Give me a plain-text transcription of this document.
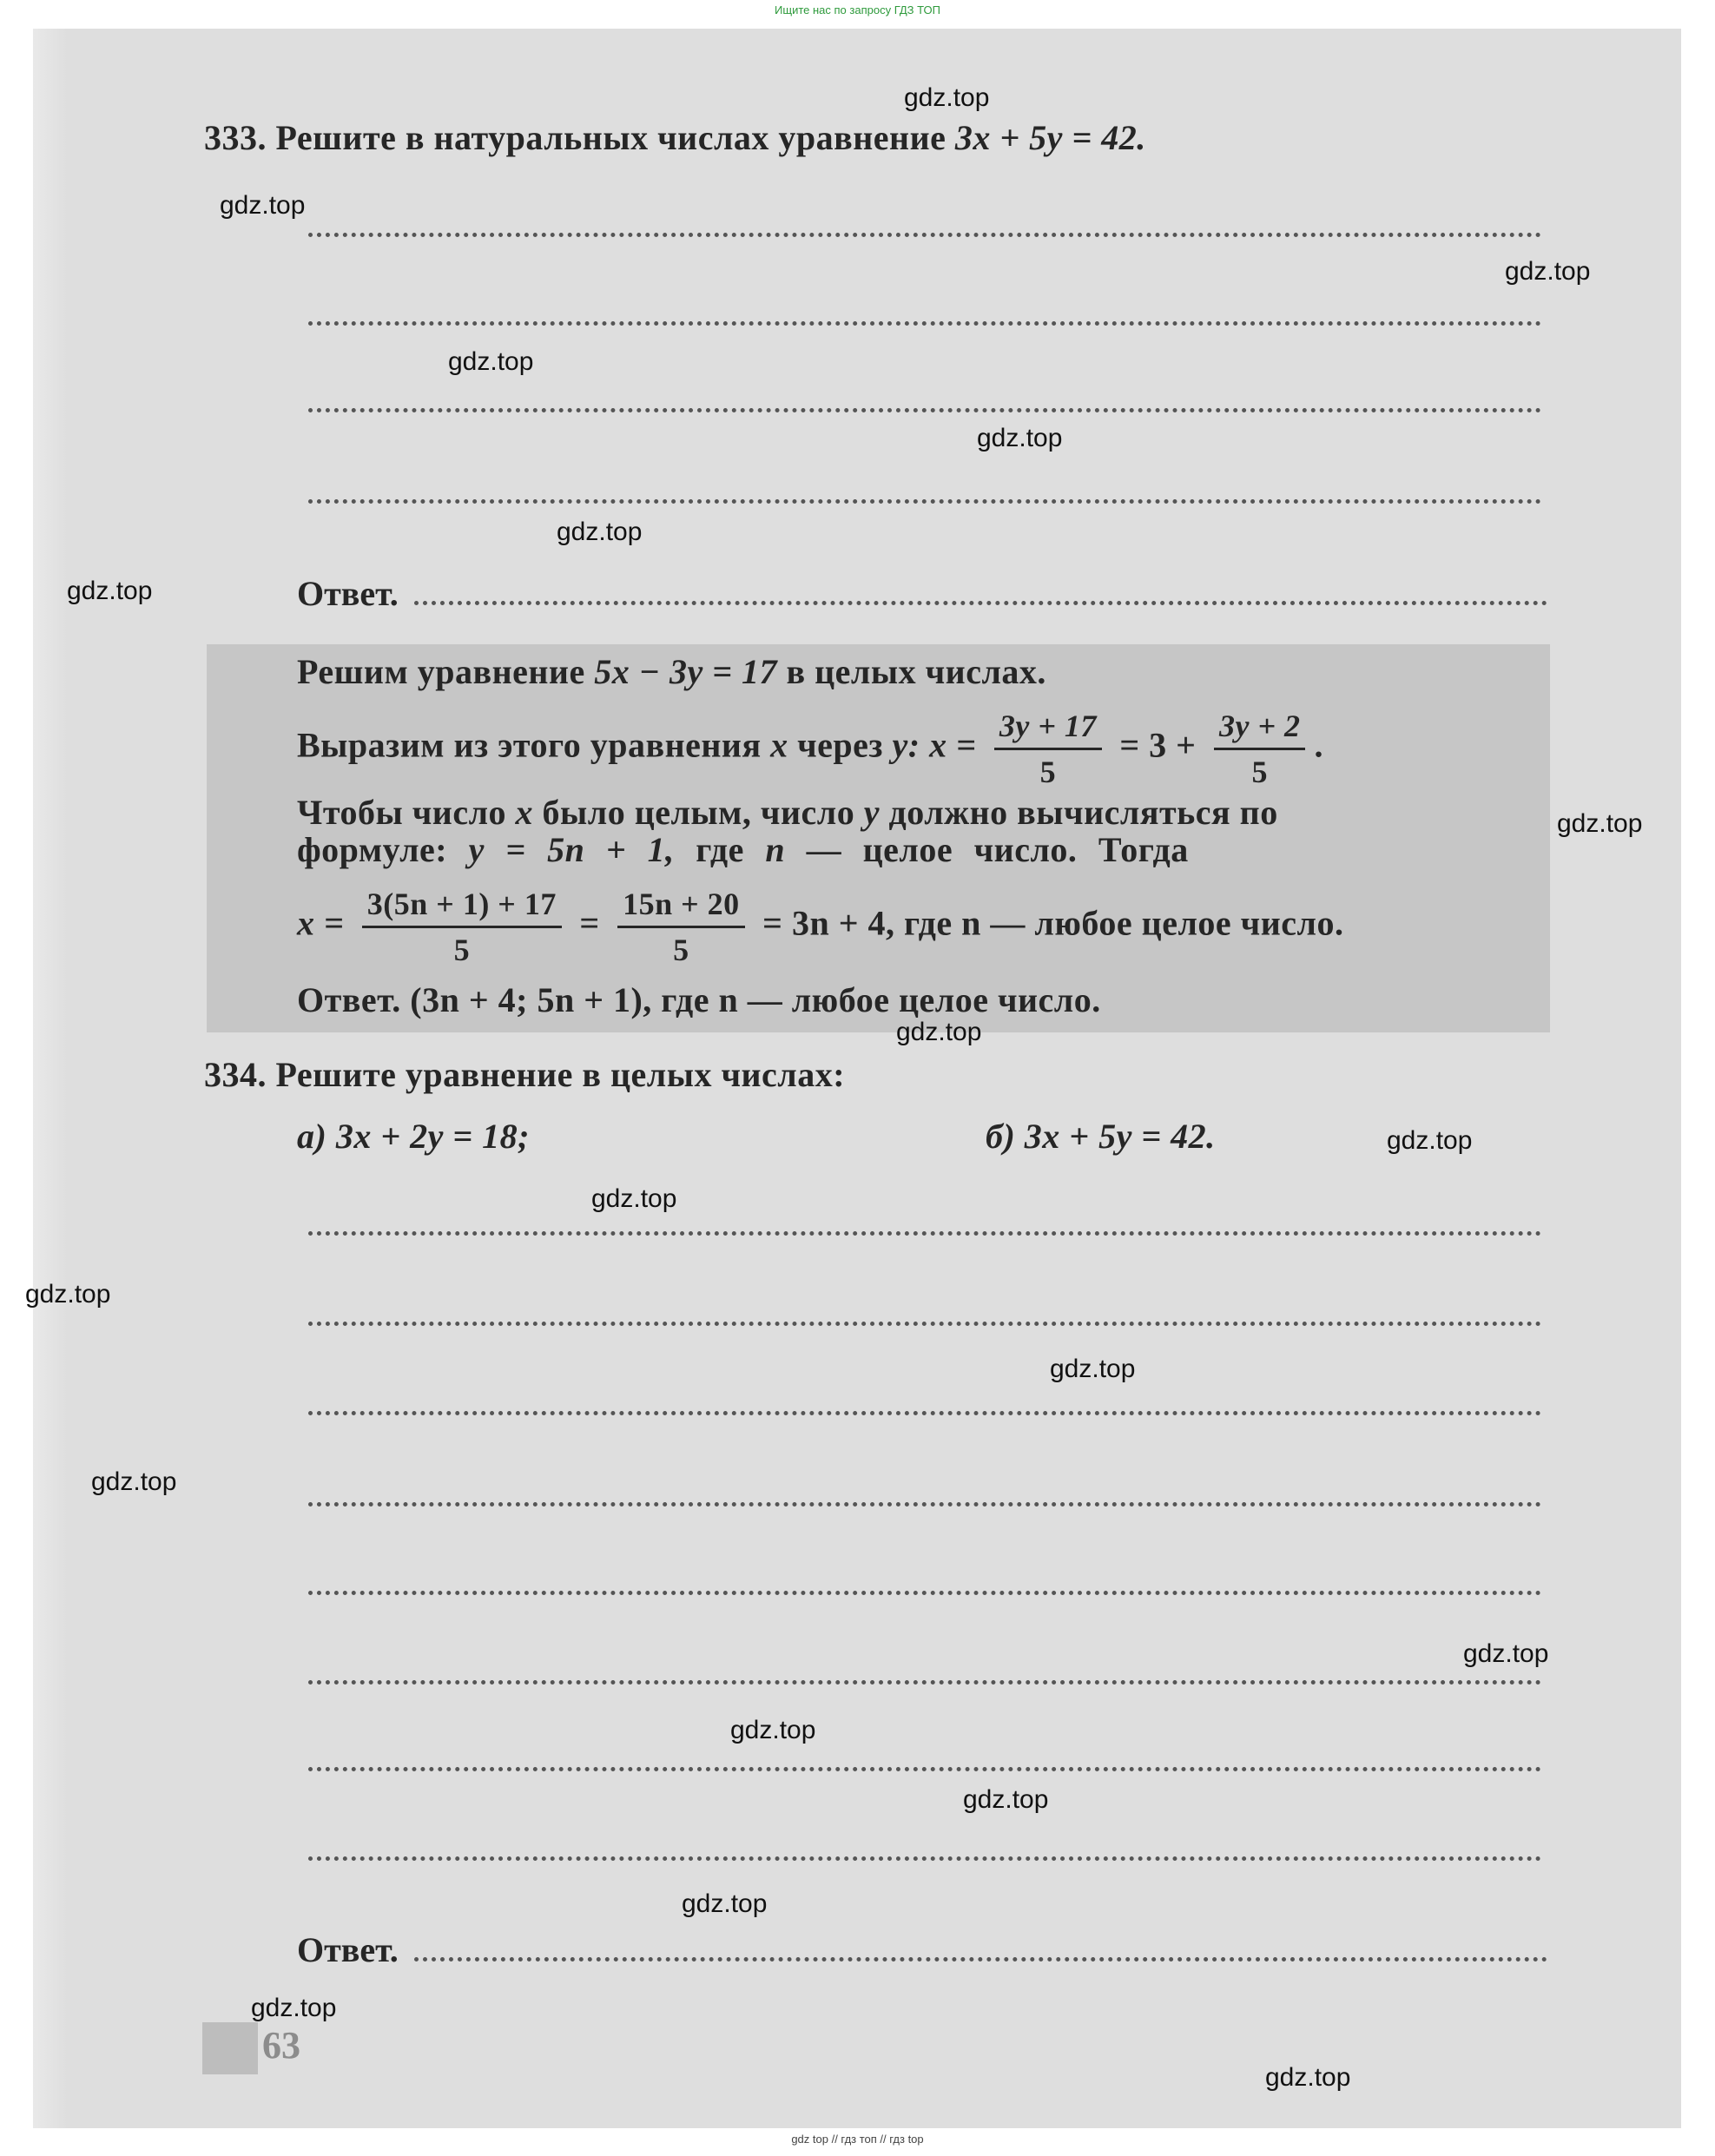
Ищите нас по запросу ГДЗ ТОП
333. Решите в натуральных числах уравнение 3x + 5y = 42.
Ответ.
Решим уравнение 5x − 3y = 17 в целых числах.
Выразим из этого уравнения x через y: $x = \frac{3y + 17}{5} = 3 + \frac{3y + 2}{5}$ .
Чтобы число x было целым, число y должно вычисляться по
формуле: y = 5n + 1, где n — целое число. Тогда
$x = \frac{3(5n + 1) + 17}{5} = \frac{15n + 20}{5} = 3n + 4$, где n — любое целое число.
Ответ. (3n + 4; 5n + 1), где n — любое целое число.
334. Решите уравнение в целых числах:
а) 3x + 2y = 18;	б) 3x + 5y = 42.
Ответ.
63
gdz.top
gdz.top
gdz.top
gdz.top
gdz.top
gdz.top
gdz.top
gdz.top
gdz.top
gdz.top
gdz.top
gdz.top
gdz.top
gdz.top
gdz.top
gdz.top
gdz.top
gdz.top
gdz.top
gdz.top
gdz top // гдз топ // гдз top
